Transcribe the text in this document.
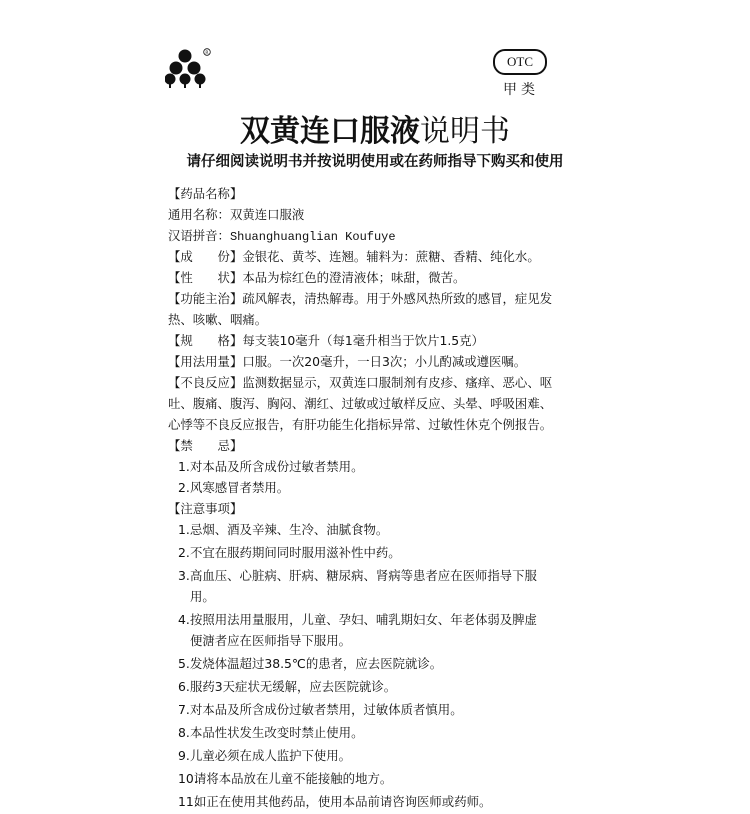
R
OTC
甲类
双黄连口服液说明书
请仔细阅读说明书并按说明使用或在药师指导下购买和使用
【药品名称】
通用名称：双黄连口服液
汉语拼音：Shuanghuanglian Koufuye
【成　　份】金银花、黄芩、连翘。辅料为：蔗糖、香精、纯化水。
【性　　状】本品为棕红色的澄清液体；味甜，微苦。
【功能主治】疏风解表，清热解毒。用于外感风热所致的感冒，症见发
热、咳嗽、咽痛。
【规　　格】每支装10毫升（每1毫升相当于饮片1.5克）
【用法用量】口服。一次20毫升，一日3次；小儿酌减或遵医嘱。
【不良反应】监测数据显示，双黄连口服制剂有皮疹、瘙痒、恶心、呕
吐、腹痛、腹泻、胸闷、潮红、过敏或过敏样反应、头晕、呼吸困难、
心悸等不良反应报告，有肝功能生化指标异常、过敏性休克个例报告。
【禁　　忌】
1.对本品及所含成份过敏者禁用。
2.风寒感冒者禁用。
【注意事项】
1.忌烟、酒及辛辣、生冷、油腻食物。
2.不宜在服药期间同时服用滋补性中药。
3.高血压、心脏病、肝病、糖尿病、肾病等患者应在医师指导下服
用。
4.按照用法用量服用，儿童、孕妇、哺乳期妇女、年老体弱及脾虚
便溏者应在医师指导下服用。
5.发烧体温超过38.5℃的患者，应去医院就诊。
6.服药3天症状无缓解，应去医院就诊。
7.对本品及所含成份过敏者禁用，过敏体质者慎用。
8.本品性状发生改变时禁止使用。
9.儿童必须在成人监护下使用。
10.请将本品放在儿童不能接触的地方。
11.如正在使用其他药品，使用本品前请咨询医师或药师。
